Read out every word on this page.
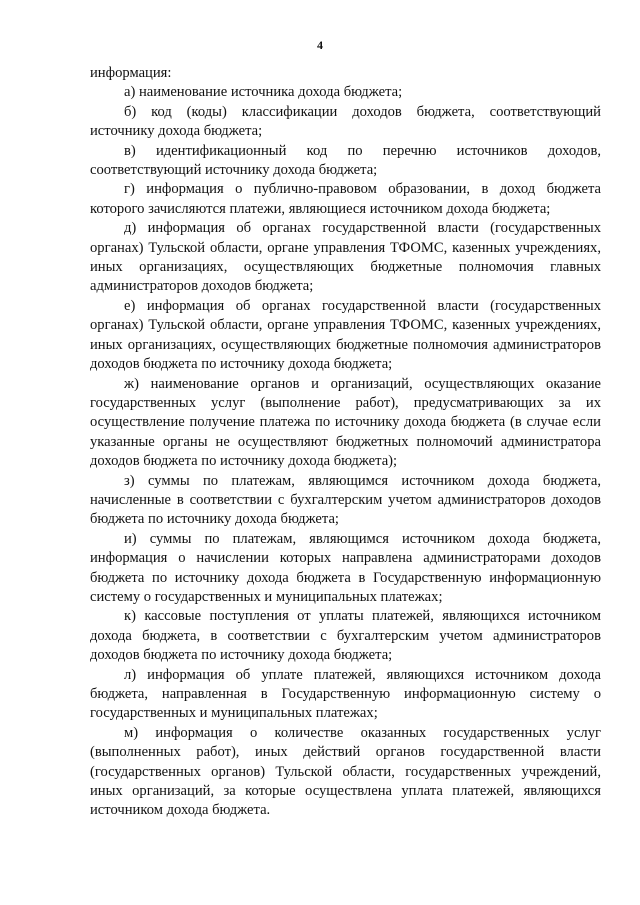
4

информация:

а) наименование источника дохода бюджета;

б) код (коды) классификации доходов бюджета, соответствующий источнику дохода бюджета;

в) идентификационный код по перечню источников доходов, соответствующий источнику дохода бюджета;

г) информация о публично-правовом образовании, в доход бюджета которого зачисляются платежи, являющиеся источником дохода бюджета;

д) информация об органах государственной власти (государственных органах) Тульской области, органе управления ТФОМС, казенных учреждениях, иных организациях, осуществляющих бюджетные полномочия главных администраторов доходов бюджета;

е) информация об органах государственной власти (государственных органах) Тульской области, органе управления ТФОМС, казенных учреждениях, иных организациях, осуществляющих бюджетные полномочия администраторов доходов бюджета по источнику дохода бюджета;

ж) наименование органов и организаций, осуществляющих оказание государственных услуг (выполнение работ), предусматривающих за их осуществление получение платежа по источнику дохода бюджета (в случае если указанные органы не осуществляют бюджетных полномочий администратора доходов бюджета по источнику дохода бюджета);

з) суммы по платежам, являющимся источником дохода бюджета, начисленные в соответствии с бухгалтерским учетом администраторов доходов бюджета по источнику дохода бюджета;

и) суммы по платежам, являющимся источником дохода бюджета, информация о начислении которых направлена администраторами доходов бюджета по источнику дохода бюджета в Государственную информационную систему о государственных и муниципальных платежах;

к) кассовые поступления от уплаты платежей, являющихся источником дохода бюджета, в соответствии с бухгалтерским учетом администраторов доходов бюджета по источнику дохода бюджета;

л) информация об уплате платежей, являющихся источником дохода бюджета, направленная в Государственную информационную систему о государственных и муниципальных платежах;

м) информация о количестве оказанных государственных услуг (выполненных работ), иных действий органов государственной власти (государственных органов) Тульской области, государственных учреждений, иных организаций, за которые осуществлена уплата платежей, являющихся источником дохода бюджета.
